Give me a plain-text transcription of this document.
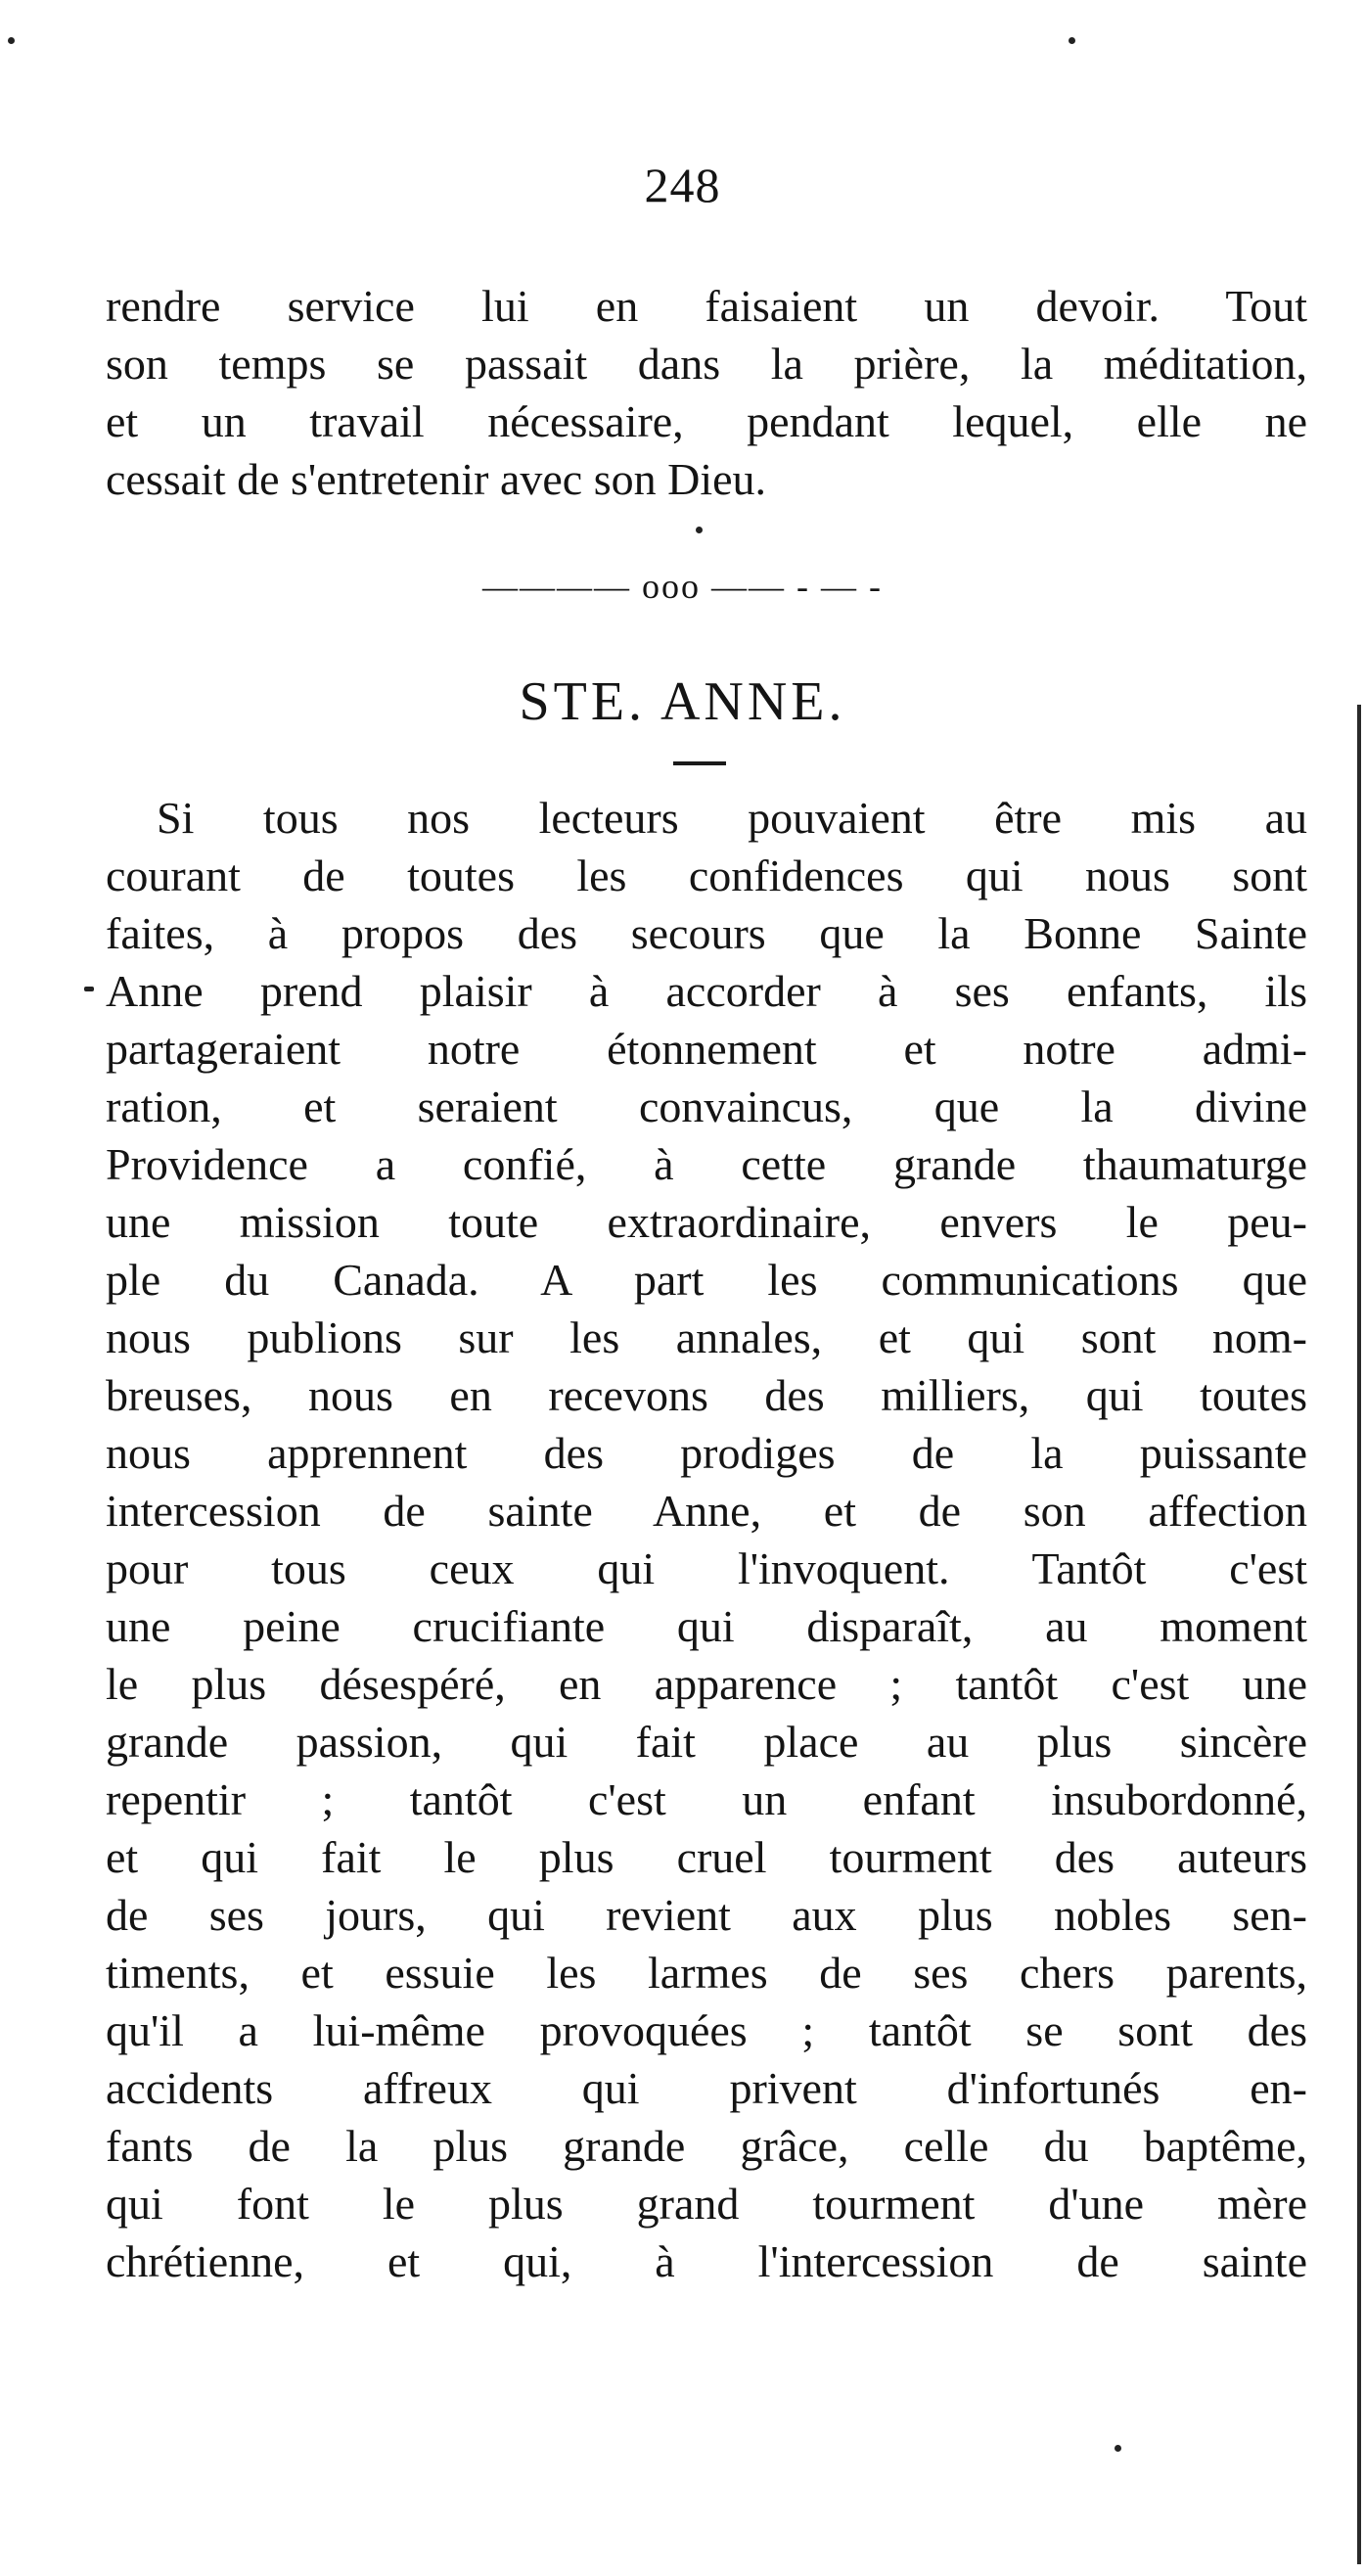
248
rendre service lui en faisaient un devoir. Tout
son temps se passait dans la prière, la méditation,
et un travail nécessaire, pendant lequel, elle ne
cessait de s'entretenir avec son Dieu.
———— ooo —— - — -
STE. ANNE.
Si tous nos lecteurs pouvaient être mis au
courant de toutes les confidences qui nous sont
faites, à propos des secours que la Bonne Sainte
Anne prend plaisir à accorder à ses enfants, ils
partageraient notre étonnement et notre admi-
ration, et seraient convaincus, que la divine
Providence a confié, à cette grande thaumaturge
une mission toute extraordinaire, envers le peu-
ple du Canada. A part les communications que
nous publions sur les annales, et qui sont nom-
breuses, nous en recevons des milliers, qui toutes
nous apprennent des prodiges de la puissante
intercession de sainte Anne, et de son affection
pour tous ceux qui l'invoquent. Tantôt c'est
une peine crucifiante qui disparaît, au moment
le plus désespéré, en apparence ; tantôt c'est une
grande passion, qui fait place au plus sincère
repentir ; tantôt c'est un enfant insubordonné,
et qui fait le plus cruel tourment des auteurs
de ses jours, qui revient aux plus nobles sen-
timents, et essuie les larmes de ses chers parents,
qu'il a lui-même provoquées ; tantôt se sont des
accidents affreux qui privent d'infortunés en-
fants de la plus grande grâce, celle du baptême,
qui font le plus grand tourment d'une mère
chrétienne, et qui, à l'intercession de sainte
